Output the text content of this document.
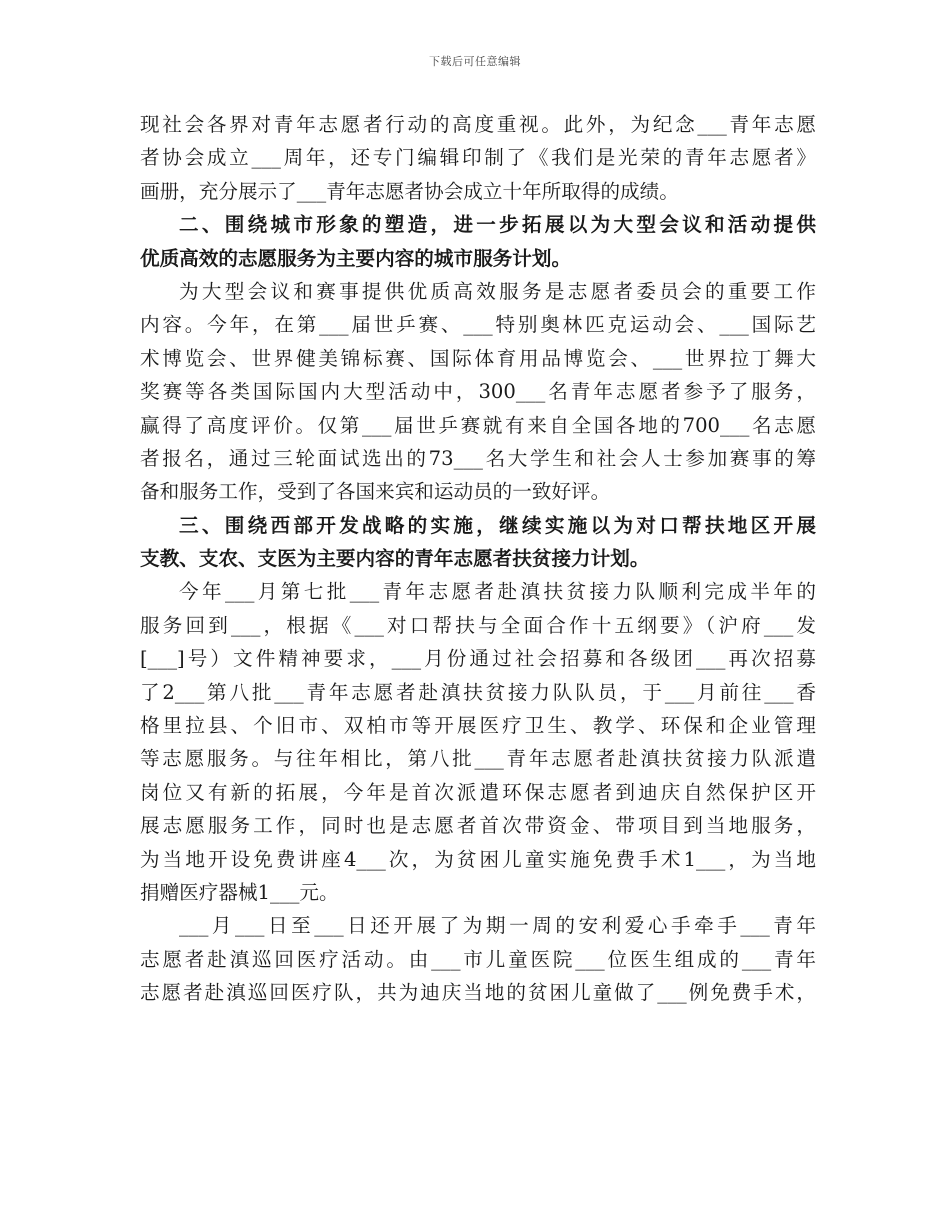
下载后可任意编辑
现社会各界对青年志愿者行动的高度重视。此外，为纪念___青年志愿
者协会成立___周年，还专门编辑印制了《我们是光荣的青年志愿者》
画册，充分展示了___青年志愿者协会成立十年所取得的成绩。
二、围绕城市形象的塑造，进一步拓展以为大型会议和活动提供
优质高效的志愿服务为主要内容的城市服务计划。
为大型会议和赛事提供优质高效服务是志愿者委员会的重要工作
内容。今年，在第___届世乒赛、___特别奥林匹克运动会、___国际艺
术博览会、世界健美锦标赛、国际体育用品博览会、___世界拉丁舞大
奖赛等各类国际国内大型活动中，300___名青年志愿者参予了服务，
赢得了高度评价。仅第___届世乒赛就有来自全国各地的700___名志愿
者报名，通过三轮面试选出的73___名大学生和社会人士参加赛事的筹
备和服务工作，受到了各国来宾和运动员的一致好评。
三、围绕西部开发战略的实施，继续实施以为对口帮扶地区开展
支教、支农、支医为主要内容的青年志愿者扶贫接力计划。
今年___月第七批___青年志愿者赴滇扶贫接力队顺利完成半年的
服务回到___，根据《___对口帮扶与全面合作十五纲要》（沪府___发
[___]号）文件精神要求，___月份通过社会招募和各级团___再次招募
了2___第八批___青年志愿者赴滇扶贫接力队队员，于___月前往___香
格里拉县、个旧市、双柏市等开展医疗卫生、教学、环保和企业管理
等志愿服务。与往年相比，第八批___青年志愿者赴滇扶贫接力队派遣
岗位又有新的拓展，今年是首次派遣环保志愿者到迪庆自然保护区开
展志愿服务工作，同时也是志愿者首次带资金、带项目到当地服务，
为当地开设免费讲座4___次，为贫困儿童实施免费手术1___，为当地
捐赠医疗器械1___元。
___月___日至___日还开展了为期一周的安利爱心手牵手___青年
志愿者赴滇巡回医疗活动。由___市儿童医院___位医生组成的___青年
志愿者赴滇巡回医疗队，共为迪庆当地的贫困儿童做了___例免费手术，
